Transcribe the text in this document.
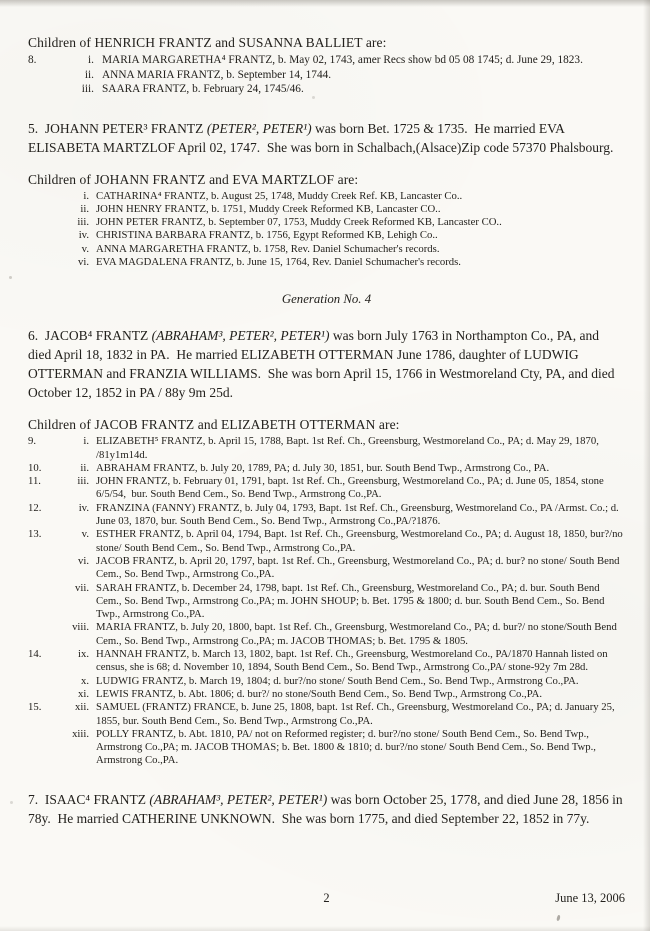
Children of HENRICH FRANTZ and SUSANNA BALLIET are:
8.	i. MARIA MARGARETHA⁴ FRANTZ, b. May 02, 1743, amer Recs show bd 05 08 1745; d. June 29, 1823.
ii. ANNA MARIA FRANTZ, b. September 14, 1744.
iii. SAARA FRANTZ, b. February 24, 1745/46.
5.  JOHANN PETER³ FRANTZ (PETER², PETER¹) was born Bet. 1725 & 1735.  He married EVA ELISABETA MARTZLOF April 02, 1747.  She was born in Schalbach,(Alsace)Zip code 57370 Phalsbourg.
Children of JOHANN FRANTZ and EVA MARTZLOF are:
i. CATHARINA⁴ FRANTZ, b. August 25, 1748, Muddy Creek Ref. KB, Lancaster Co..
ii. JOHN HENRY FRANTZ, b. 1751, Muddy Creek Reformed KB, Lancaster CO..
iii. JOHN PETER FRANTZ, b. September 07, 1753, Muddy Creek Reformed KB, Lancaster CO..
iv. CHRISTINA BARBARA FRANTZ, b. 1756, Egypt Reformed KB, Lehigh Co..
v. ANNA MARGARETHA FRANTZ, b. 1758, Rev. Daniel Schumacher's records.
vi. EVA MAGDALENA FRANTZ, b. June 15, 1764, Rev. Daniel Schumacher's records.
Generation No. 4
6.  JACOB⁴ FRANTZ (ABRAHAM³, PETER², PETER¹) was born July 1763 in Northampton Co., PA, and died April 18, 1832 in PA.  He married ELIZABETH OTTERMAN June 1786, daughter of LUDWIG OTTERMAN and FRANZIA WILLIAMS.  She was born April 15, 1766 in Westmoreland Cty, PA, and died October 12, 1852 in PA / 88y 9m 25d.
Children of JACOB FRANTZ and ELIZABETH OTTERMAN are:
9.	i. ELIZABETH⁵ FRANTZ, b. April 15, 1788, Bapt. 1st Ref. Ch., Greensburg, Westmoreland Co., PA; d. May 29, 1870, /81y1m14d.
10.	ii. ABRAHAM FRANTZ, b. July 20, 1789, PA; d. July 30, 1851, bur. South Bend Twp., Armstrong Co., PA.
11.	iii. JOHN FRANTZ, b. February 01, 1791, bapt. 1st Ref. Ch., Greensburg, Westmoreland Co., PA; d. June 05, 1854, stone 6/5/54,  bur. South Bend Cem., So. Bend Twp., Armstrong Co.,PA.
12.	iv. FRANZINA (FANNY) FRANTZ, b. July 04, 1793, Bapt. 1st Ref. Ch., Greensburg, Westmoreland Co., PA /Armst. Co.; d. June 03, 1870, bur. South Bend Cem., So. Bend Twp., Armstrong Co.,PA/?1876.
13.	v. ESTHER FRANTZ, b. April 04, 1794, Bapt. 1st Ref. Ch., Greensburg, Westmoreland Co., PA; d. August 18, 1850, bur?/no stone/ South Bend Cem., So. Bend Twp., Armstrong Co.,PA.
vi. JACOB FRANTZ, b. April 20, 1797, bapt. 1st Ref. Ch., Greensburg, Westmoreland Co., PA; d. bur? no stone/ South Bend Cem., So. Bend Twp., Armstrong Co.,PA.
vii. SARAH FRANTZ, b. December 24, 1798, bapt. 1st Ref. Ch., Greensburg, Westmoreland Co., PA; d. bur. South Bend Cem., So. Bend Twp., Armstrong Co.,PA; m. JOHN SHOUP; b. Bet. 1795 & 1800; d. bur. South Bend Cem., So. Bend Twp., Armstrong Co.,PA.
viii. MARIA FRANTZ, b. July 20, 1800, bapt. 1st Ref. Ch., Greensburg, Westmoreland Co., PA; d. bur?/ no stone/South Bend Cem., So. Bend Twp., Armstrong Co.,PA; m. JACOB THOMAS; b. Bet. 1795 & 1805.
14.	ix. HANNAH FRANTZ, b. March 13, 1802, bapt. 1st Ref. Ch., Greensburg, Westmoreland Co., PA/1870 Hannah listed on census, she is 68; d. November 10, 1894, South Bend Cem., So. Bend Twp., Armstrong Co.,PA/ stone-92y 7m 28d.
x. LUDWIG FRANTZ, b. March 19, 1804; d. bur?/no stone/ South Bend Cem., So. Bend Twp., Armstrong Co.,PA.
xi. LEWIS FRANTZ, b. Abt. 1806; d. bur?/ no stone/South Bend Cem., So. Bend Twp., Armstrong Co.,PA.
15.	xii. SAMUEL (FRANTZ) FRANCE, b. June 25, 1808, bapt. 1st Ref. Ch., Greensburg, Westmoreland Co., PA; d. January 25, 1855, bur. South Bend Cem., So. Bend Twp., Armstrong Co.,PA.
xiii. POLLY FRANTZ, b. Abt. 1810, PA/ not on Reformed register; d. bur?/no stone/ South Bend Cem., So. Bend Twp., Armstrong Co.,PA; m. JACOB THOMAS; b. Bet. 1800 & 1810; d. bur?/no stone/ South Bend Cem., So. Bend Twp., Armstrong Co.,PA.
7.  ISAAC⁴ FRANTZ (ABRAHAM³, PETER², PETER¹) was born October 25, 1778, and died June 28, 1856 in 78y.  He married CATHERINE UNKNOWN.  She was born 1775, and died September 22, 1852 in 77y.
2	June 13, 2006
